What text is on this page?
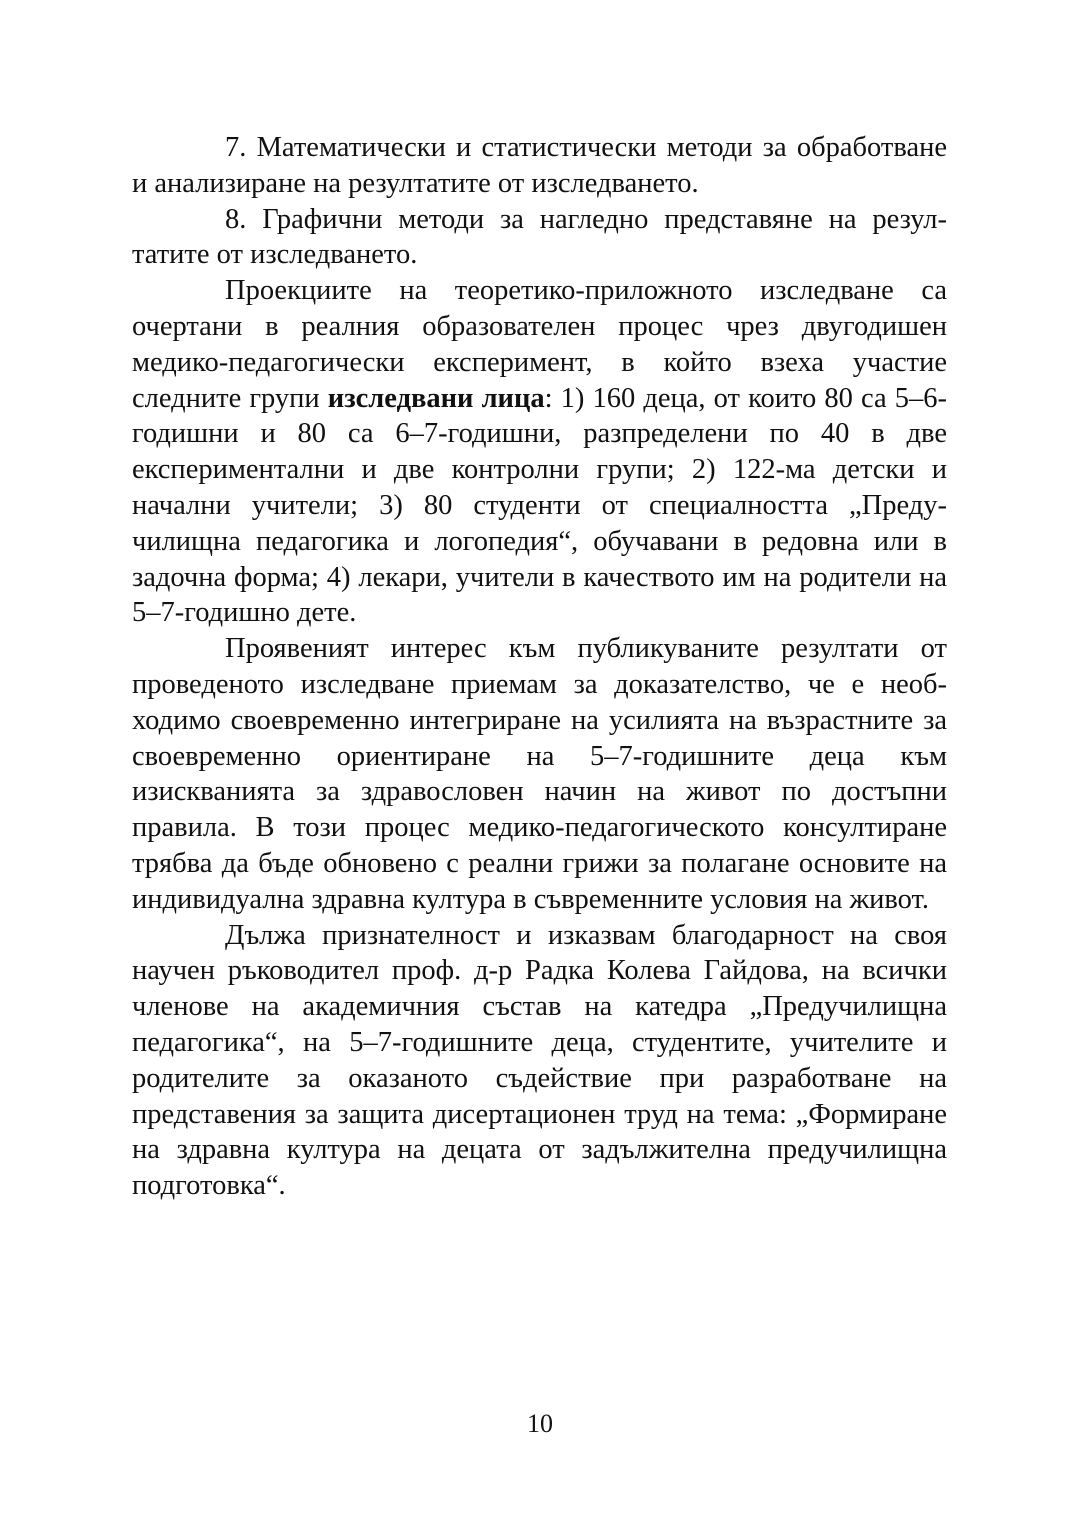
7. Математически и статистически методи за обработване и анализиране на резултатите от изследването.

8. Графични методи за нагледно представяне на резултатите от изследването.

Проекциите на теоретико-приложното изследване са очертани в реалния образователен процес чрез двугодишен медико-педагогически експеримент, в който взеха участие следните групи изследвани лица: 1) 160 деца, от които 80 са 5–6-годишни и 80 са 6–7-годишни, разпределени по 40 в две експериментални и две контролни групи; 2) 122-ма детски и начални учители; 3) 80 студенти от специалността „Предучилищна педагогика и логопедия“, обучавани в редовна или в задочна форма; 4) лекари, учители в качеството им на родители на 5–7-годишно дете.

Проявеният интерес към публикуваните резултати от проведеното изследване приемам за доказателство, че е необходимо своевременно интегриране на усилията на възрастните за своевременно ориентиране на 5–7-годишните деца към изискванията за здравословен начин на живот по достъпни правила. В този процес медико-педагогическото консултиране трябва да бъде обновено с реални грижи за полагане основите на индивидуална здравна култура в съвременните условия на живот.

Дължа признателност и изказвам благодарност на своя научен ръководител проф. д-р Радка Колева Гайдова, на всички членове на академичния състав на катедра „Предучилищна педагогика“, на 5–7-годишните деца, студентите, учителите и родителите за оказаното съдействие при разработване на представения за защита дисертационен труд на тема: „Формиране на здравна култура на децата от задължителна предучилищна подготовка“.

10
